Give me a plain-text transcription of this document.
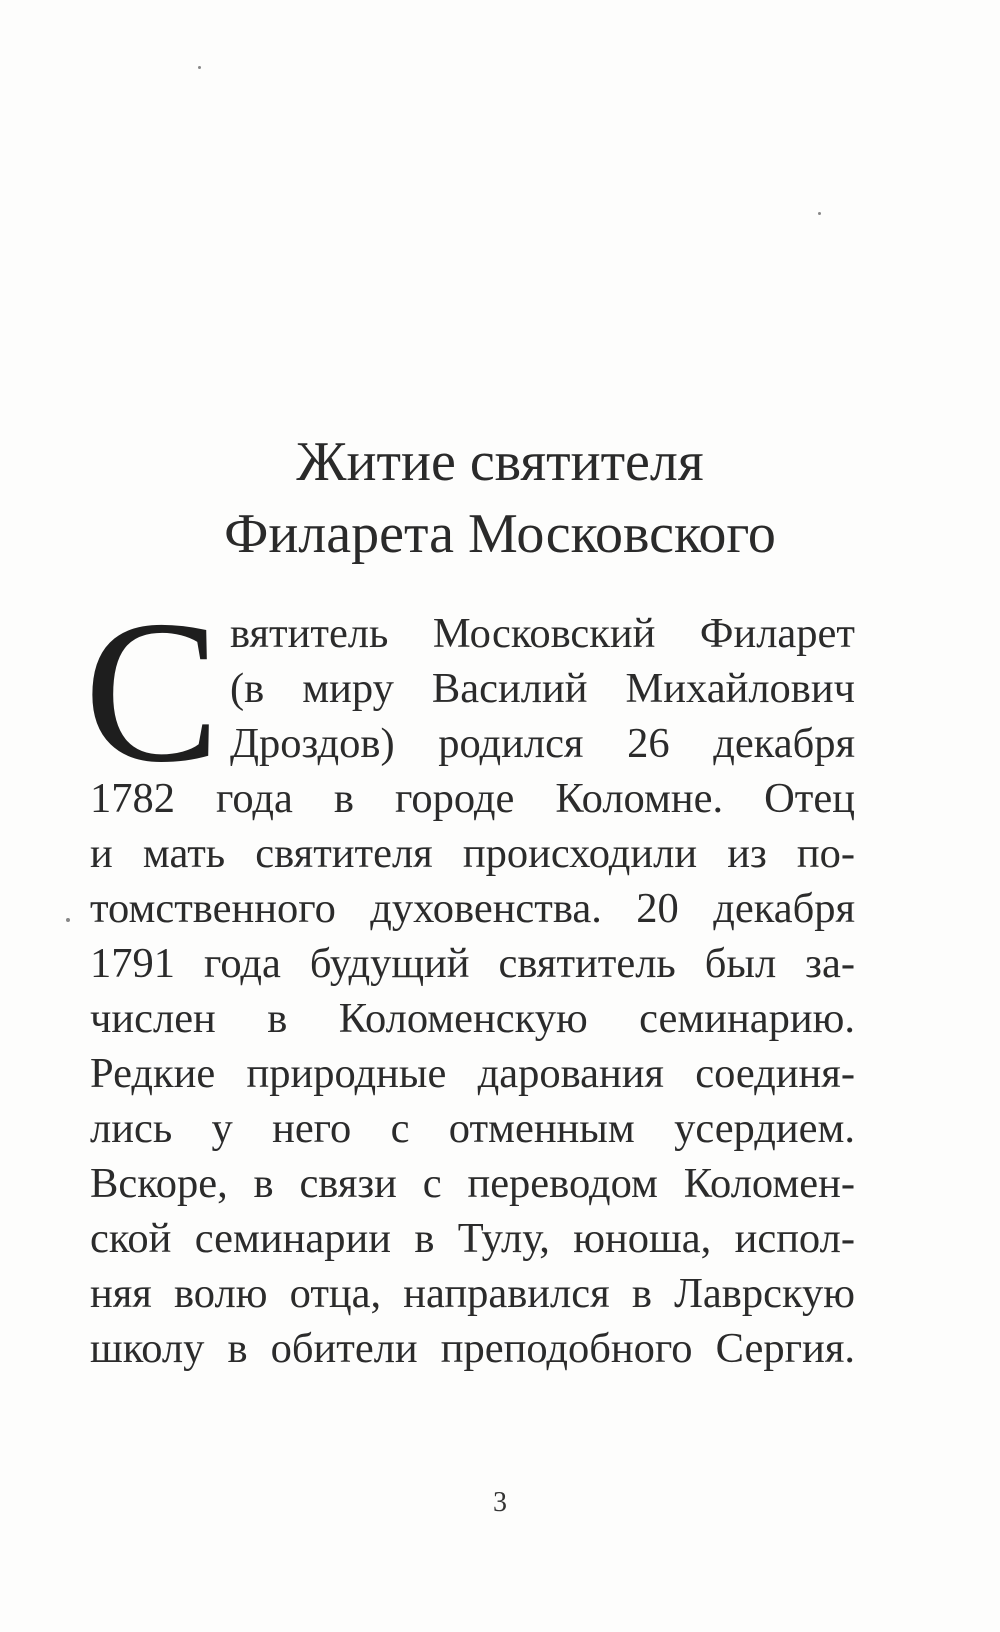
Житие святителя
Филарета Московского
С вятитель Московский Филарет
(в миру Василий Михайлович
Дроздов) родился 26 декабря
1782 года в городе Коломне. Отец
и мать святителя происходили из по-
томственного духовенства. 20 декабря
1791 года будущий святитель был за-
числен в Коломенскую семинарию.
Редкие природные дарования соединя-
лись у него с отменным усердием.
Вскоре, в связи с переводом Коломен-
ской семинарии в Тулу, юноша, испол-
няя волю отца, направился в Лаврскую
школу в обители преподобного Сергия.
3
